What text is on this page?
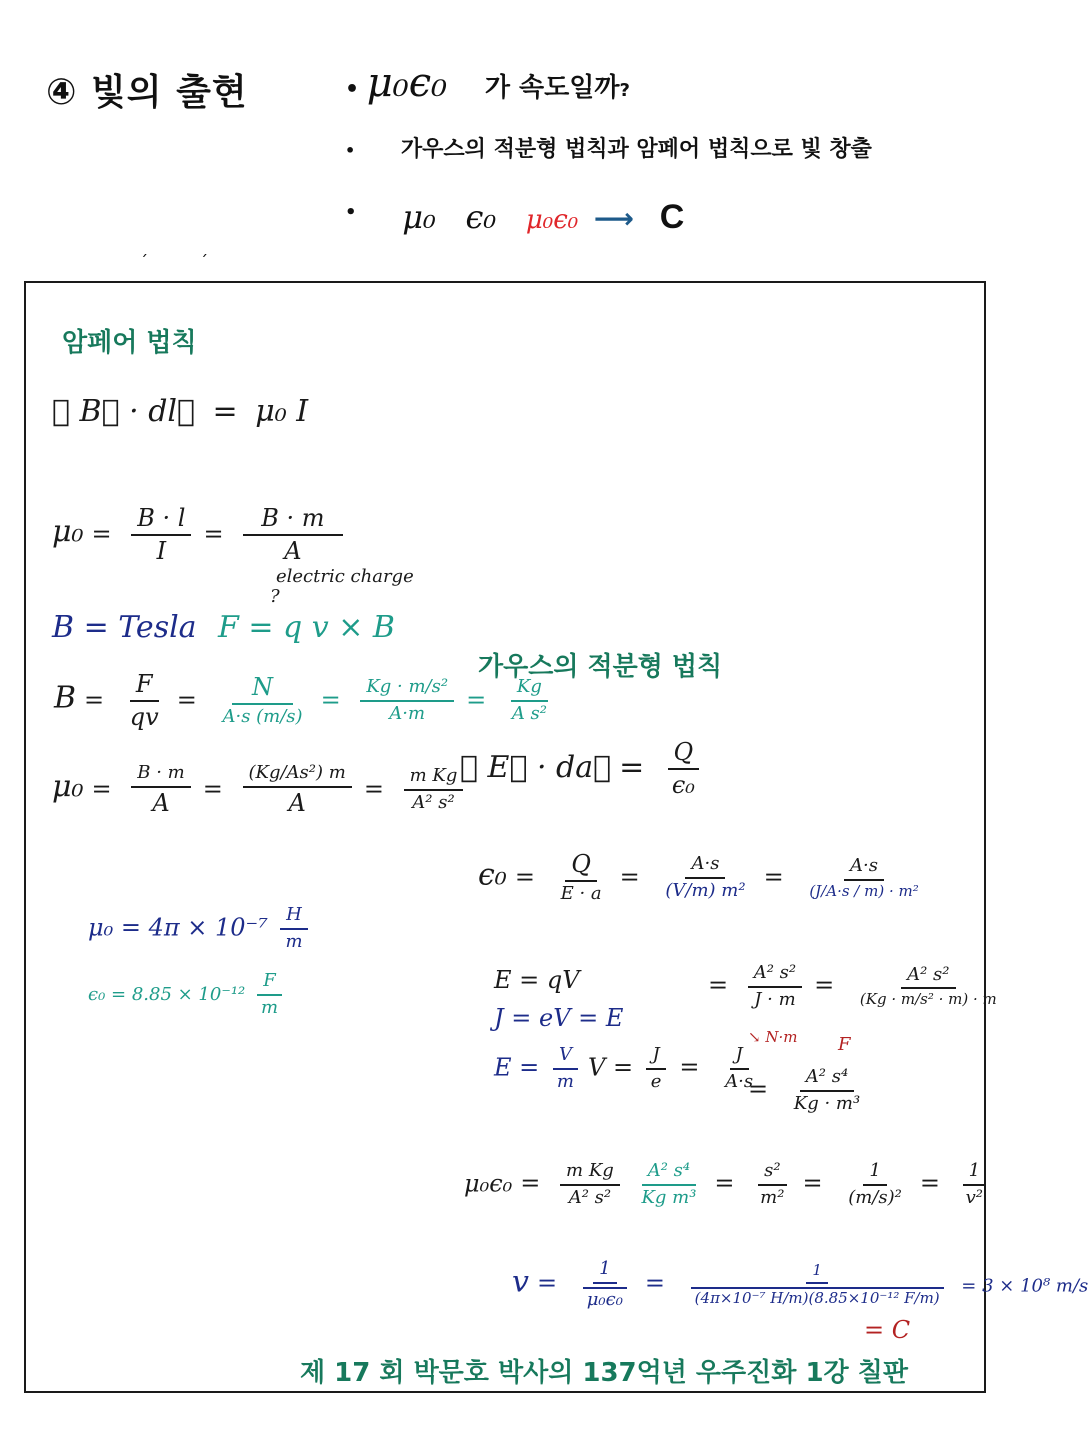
④ 빛의 출현	• μ₀ϵ₀ 가 속도일까?
• 가우스의 적분형 법칙과 암페어 법칙으로 빛 창출
• μ₀ ϵ₀ μ₀ϵ₀ ⟶ C
ˊ	ˊ
암페어 법칙
∮ B⃗ · dl⃗ = μ₀ I
$\mu_0 = \frac{B \cdot l}{I} = \frac{B \cdot m}{A}$
electric charge
?
B = Tesla F = q v × B
$B = \frac{F}{qv} = \frac{N}{A\cdot s (m/s)} = \frac{\text{Kg · m/s²}}{A\cdot m} = \frac{Kg}{\text{A s²}}$
$\mu_0 = \frac{B \cdot m}{A} = \frac{\text{(Kg/As²) m}}{A} = \frac{\text{m Kg}}{\text{A² s²}}$
$\mu_0 = 4\pi \times 10^{-7} \frac{H}{m}$
$\epsilon_0 = 8.85 \times 10^{-12} \frac{F}{m}$
가우스의 적분형 법칙
∮ E⃗ · da⃗ = $\frac{Q}{\text{ϵ₀}}$
$\epsilon_0 = \frac{Q}{E \cdot a} = \frac{A\cdot s}{\text{(V/m) m²}} = \frac{A\cdot s}{\text{(J/A·s / m) · m²}}$
E = qV
J = eV = E
$E = \frac{V}{m}$ $V = \frac{J}{e} = \frac{J}{A\cdot s}$
= $\frac{\text{A² s²}}{J \cdot m} = \frac{\text{A² s²}}{\text{(Kg · m/s² · m) · m}}$
↘ N·m F
= $\frac{\text{A² s⁴}}{\text{Kg · m³}}$
$\mu_0\epsilon_0 = \frac{\text{m Kg}}{\text{A² s²}}$
$\frac{\text{A² s⁴}}{\text{Kg m³}} = \frac{\text{s²}}{\text{m²}} = \frac{1}{\text{(m/s)²}} = \frac{1}{\text{v²}}$
$v = \frac{1}{\text{μ₀ϵ₀}} = \frac{1}{\text{(4π×10⁻⁷ H/m)(8.85×10⁻¹² F/m)}} = 3 \times 10^8$ m/s
= C
제 17 회 박문호 박사의 137억년 우주진화 1강 칠판
